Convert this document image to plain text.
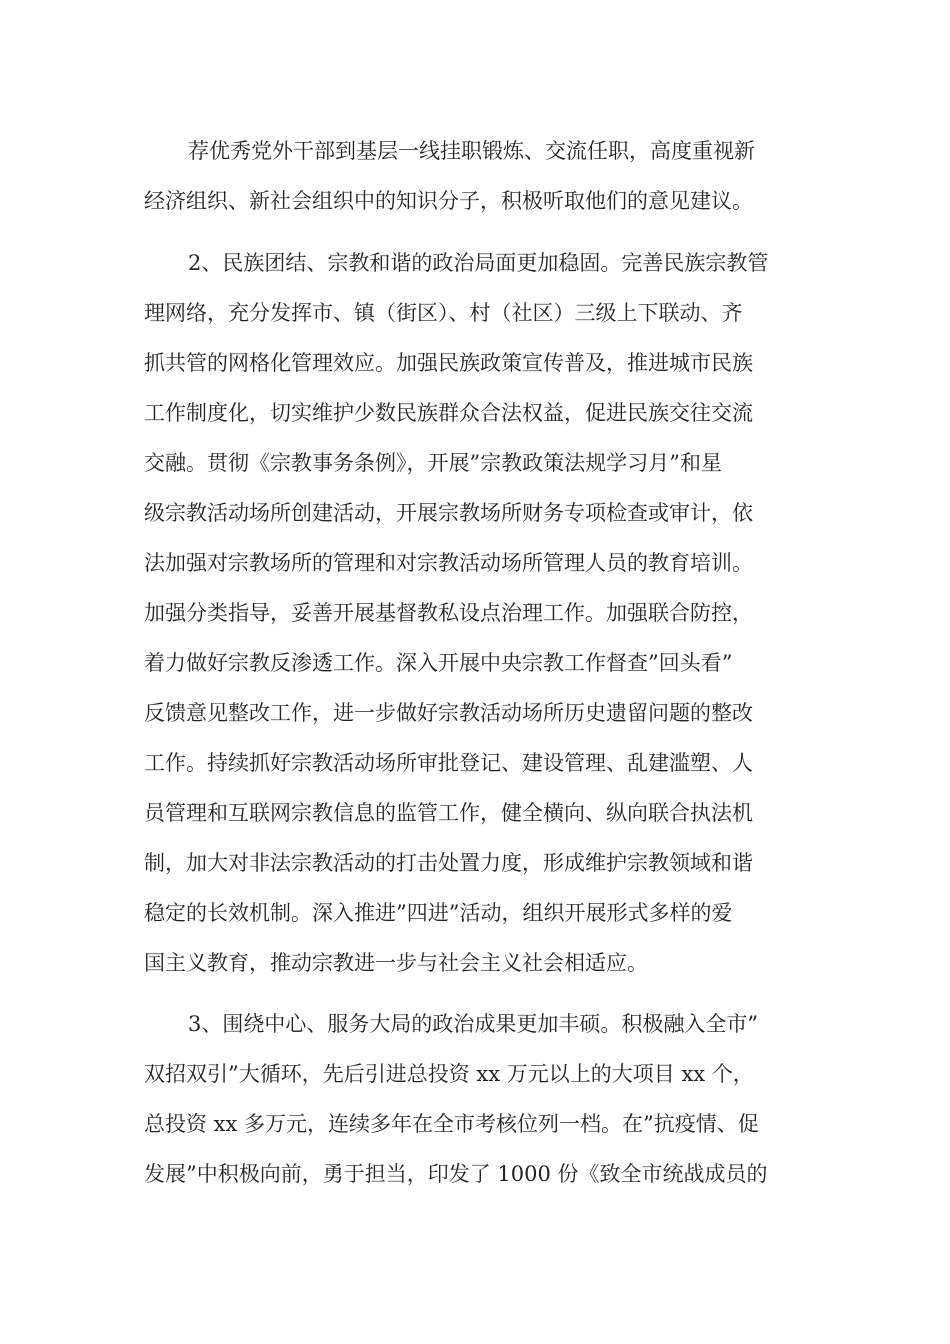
荐优秀党外干部到基层一线挂职锻炼、交流任职，高度重视新
经济组织、新社会组织中的知识分子，积极听取他们的意见建议。
2、民族团结、宗教和谐的政治局面更加稳固。完善民族宗教管
理网络，充分发挥市、镇（街区）、村（社区）三级上下联动、齐
抓共管的网格化管理效应。加强民族政策宣传普及，推进城市民族
工作制度化，切实维护少数民族群众合法权益，促进民族交往交流
交融。贯彻《宗教事务条例》，开展”宗教政策法规学习月”和星
级宗教活动场所创建活动，开展宗教场所财务专项检查或审计，依
法加强对宗教场所的管理和对宗教活动场所管理人员的教育培训。
加强分类指导，妥善开展基督教私设点治理工作。加强联合防控，
着力做好宗教反渗透工作。深入开展中央宗教工作督查”回头看”
反馈意见整改工作，进一步做好宗教活动场所历史遗留问题的整改
工作。持续抓好宗教活动场所审批登记、建设管理、乱建滥塑、人
员管理和互联网宗教信息的监管工作，健全横向、纵向联合执法机
制，加大对非法宗教活动的打击处置力度，形成维护宗教领域和谐
稳定的长效机制。深入推进”四进”活动，组织开展形式多样的爱
国主义教育，推动宗教进一步与社会主义社会相适应。
3、围绕中心、服务大局的政治成果更加丰硕。积极融入全市”
双招双引”大循环，先后引进总投资 xx 万元以上的大项目 xx 个，
总投资 xx 多万元，连续多年在全市考核位列一档。在”抗疫情、促
发展”中积极向前，勇于担当，印发了 1000 份《致全市统战成员的
